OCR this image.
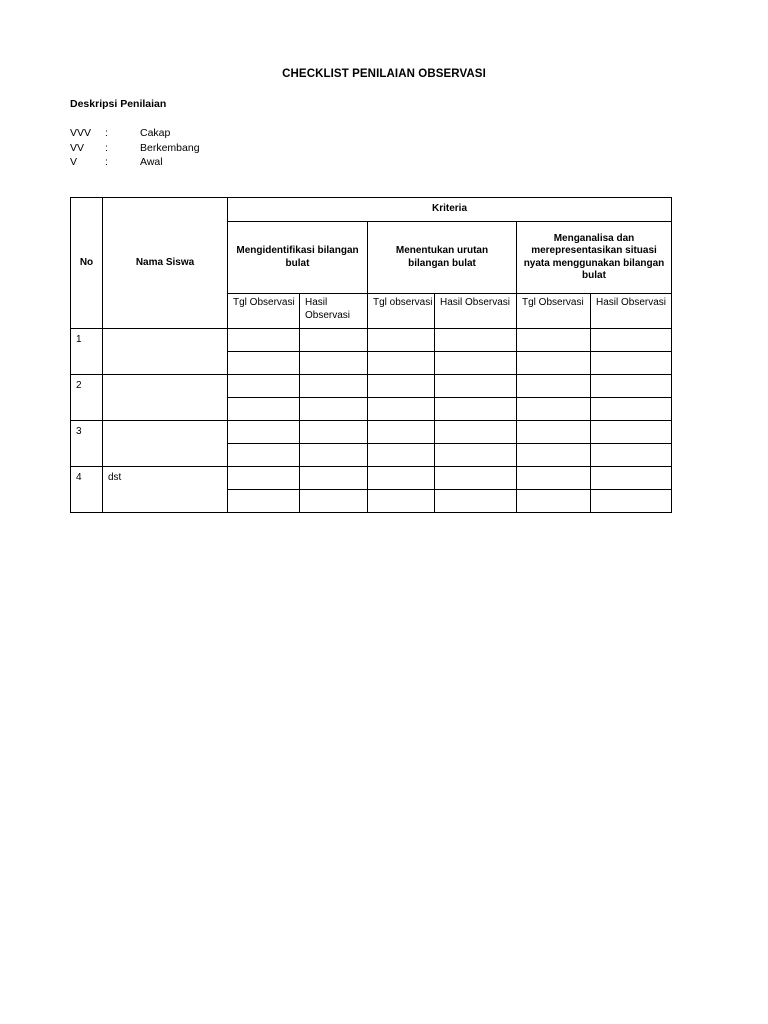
CHECKLIST PENILAIAN OBSERVASI
Deskripsi Penilaian
VVV	:	Cakap
VV	:	Berkembang
V	:	Awal
No	Nama Siswa	Kriteria					
		Mengidentifikasi bilangan bulat		Menentukan urutan bilangan bulat		Menganalisa dan merepresentasikan situasi nyata menggunakan bilangan bulat	
		Tgl Observasi	Hasil Observasi	Tgl observasi	Hasil Observasi	Tgl Observasi	Hasil Observasi
1							

2							

3							

4	dst						
